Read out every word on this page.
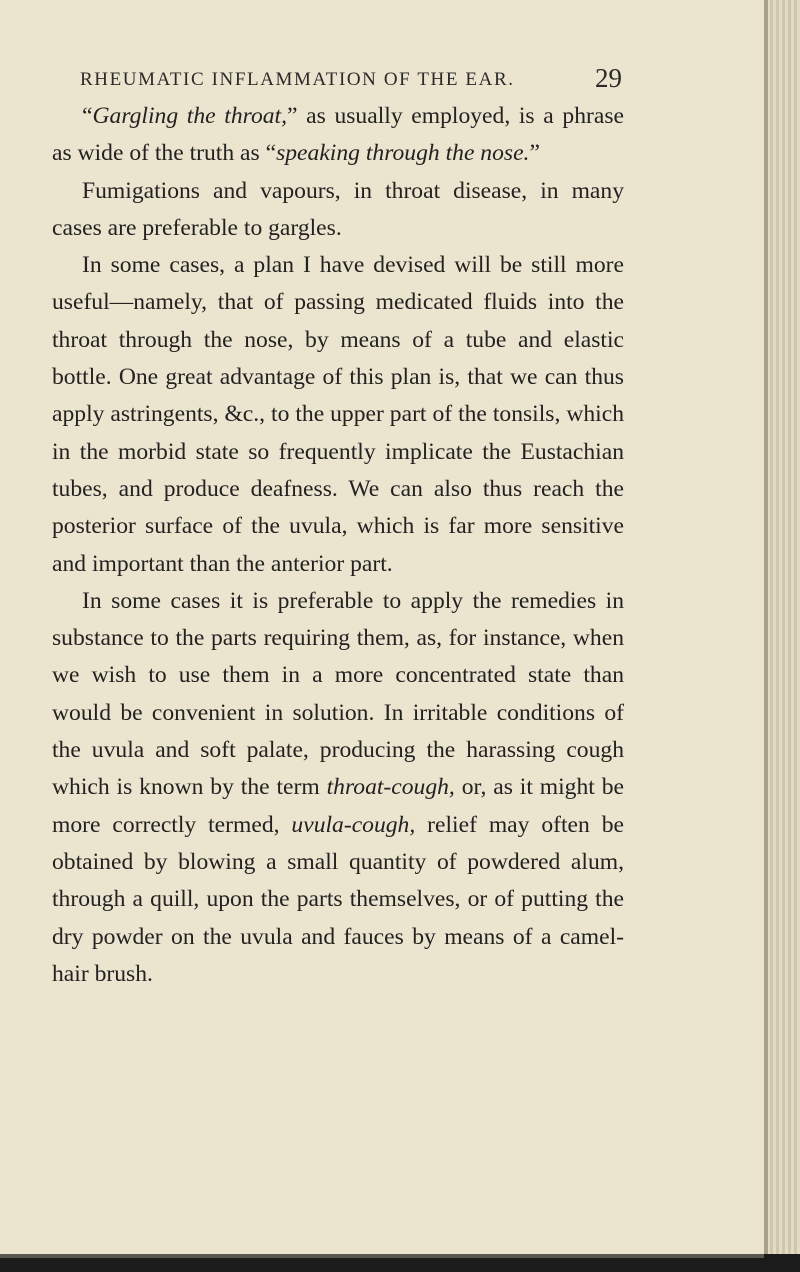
RHEUMATIC INFLAMMATION OF THE EAR.	29

“Gargling the throat,” as usually employed, is a phrase as wide of the truth as “speaking through the nose.”

Fumigations and vapours, in throat disease, in many cases are preferable to gargles.

In some cases, a plan I have devised will be still more useful—namely, that of passing medicated fluids into the throat through the nose, by means of a tube and elastic bottle. One great advantage of this plan is, that we can thus apply astringents, &c., to the upper part of the tonsils, which in the morbid state so frequently implicate the Eustachian tubes, and produce deafness. We can also thus reach the posterior surface of the uvula, which is far more sensitive and important than the anterior part.

In some cases it is preferable to apply the remedies in substance to the parts requiring them, as, for instance, when we wish to use them in a more concentrated state than would be convenient in solution. In irritable conditions of the uvula and soft palate, producing the harassing cough which is known by the term throat-cough, or, as it might be more correctly termed, uvula-cough, relief may often be obtained by blowing a small quantity of powdered alum, through a quill, upon the parts themselves, or of putting the dry powder on the uvula and fauces by means of a camel-hair brush.
